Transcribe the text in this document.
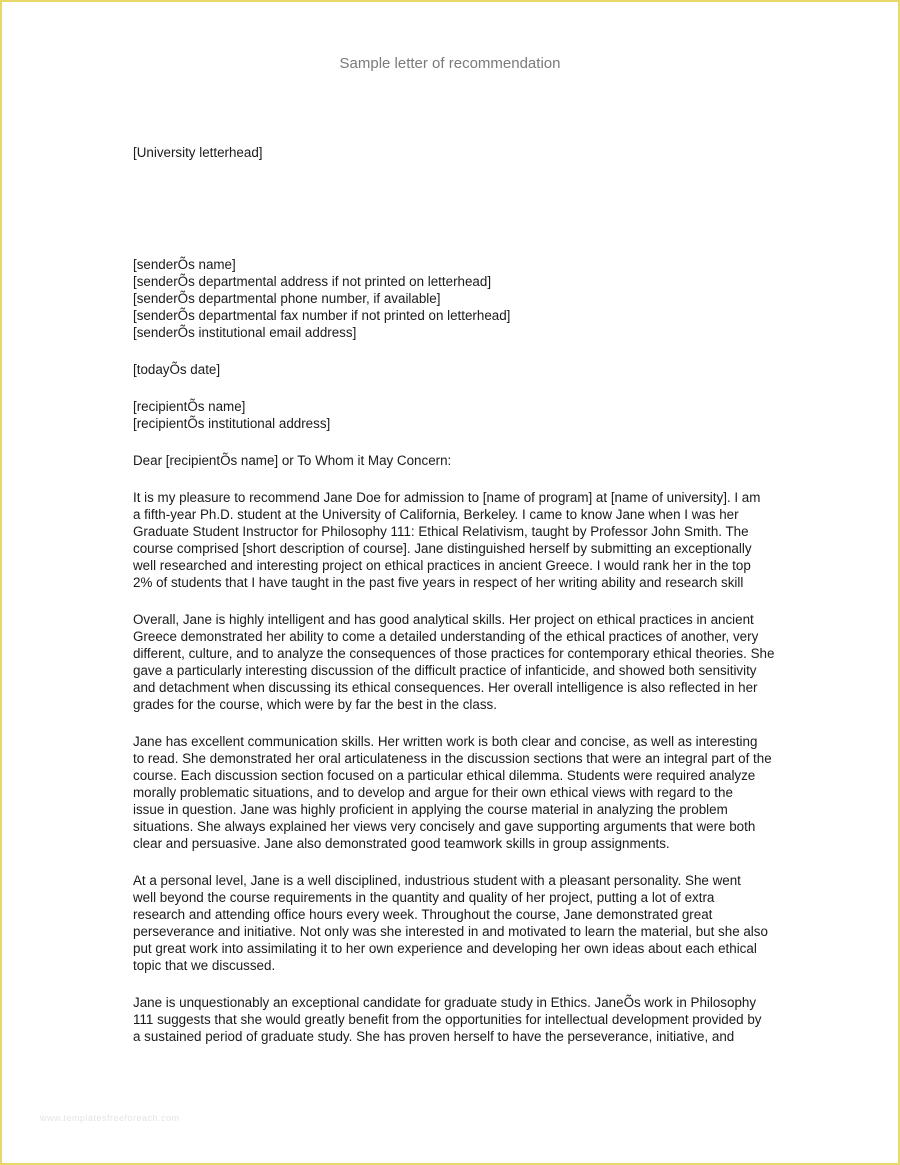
Sample letter of recommendation
[University letterhead]
[senderÕs name]
[senderÕs departmental address if not printed on letterhead]
[senderÕs departmental phone number, if available]
[senderÕs departmental fax number if not printed on letterhead]
[senderÕs institutional email address]
[todayÕs date]
[recipientÕs name]
[recipientÕs institutional address]
Dear [recipientÕs name] or To Whom it May Concern:
It is my pleasure to recommend Jane Doe for admission to [name of program] at [name of university]. I am
a fifth-year Ph.D. student at the University of California, Berkeley. I came to know Jane when I was her
Graduate Student Instructor for Philosophy 111: Ethical Relativism, taught by Professor John Smith. The
course comprised [short description of course]. Jane distinguished herself by submitting an exceptionally
well researched and interesting project on ethical practices in ancient Greece. I would rank her in the top
2% of students that I have taught in the past five years in respect of her writing ability and research skill
Overall, Jane is highly intelligent and has good analytical skills. Her project on ethical practices in ancient
Greece demonstrated her ability to come a detailed understanding of the ethical practices of another, very
different, culture, and to analyze the consequences of those practices for contemporary ethical theories. She
gave a particularly interesting discussion of the difficult practice of infanticide, and showed both sensitivity
and detachment when discussing its ethical consequences. Her overall intelligence is also reflected in her
grades for the course, which were by far the best in the class.
Jane has excellent communication skills. Her written work is both clear and concise, as well as interesting
to read. She demonstrated her oral articulateness in the discussion sections that were an integral part of the
course. Each discussion section focused on a particular ethical dilemma. Students were required analyze
morally problematic situations, and to develop and argue for their own ethical views with regard to the
issue in question. Jane was highly proficient in applying the course material in analyzing the problem
situations. She always explained her views very concisely and gave supporting arguments that were both
clear and persuasive. Jane also demonstrated good teamwork skills in group assignments.
At a personal level, Jane is a well disciplined, industrious student with a pleasant personality. She went
well beyond the course requirements in the quantity and quality of her project, putting a lot of extra
research and attending office hours every week. Throughout the course, Jane demonstrated great
perseverance and initiative. Not only was she interested in and motivated to learn the material, but she also
put great work into assimilating it to her own experience and developing her own ideas about each ethical
topic that we discussed.
Jane is unquestionably an exceptional candidate for graduate study in Ethics. JaneÕs work in Philosophy
111 suggests that she would greatly benefit from the opportunities for intellectual development provided by
a sustained period of graduate study. She has proven herself to have the perseverance, initiative, and
www.templatesfreeforeach.com
